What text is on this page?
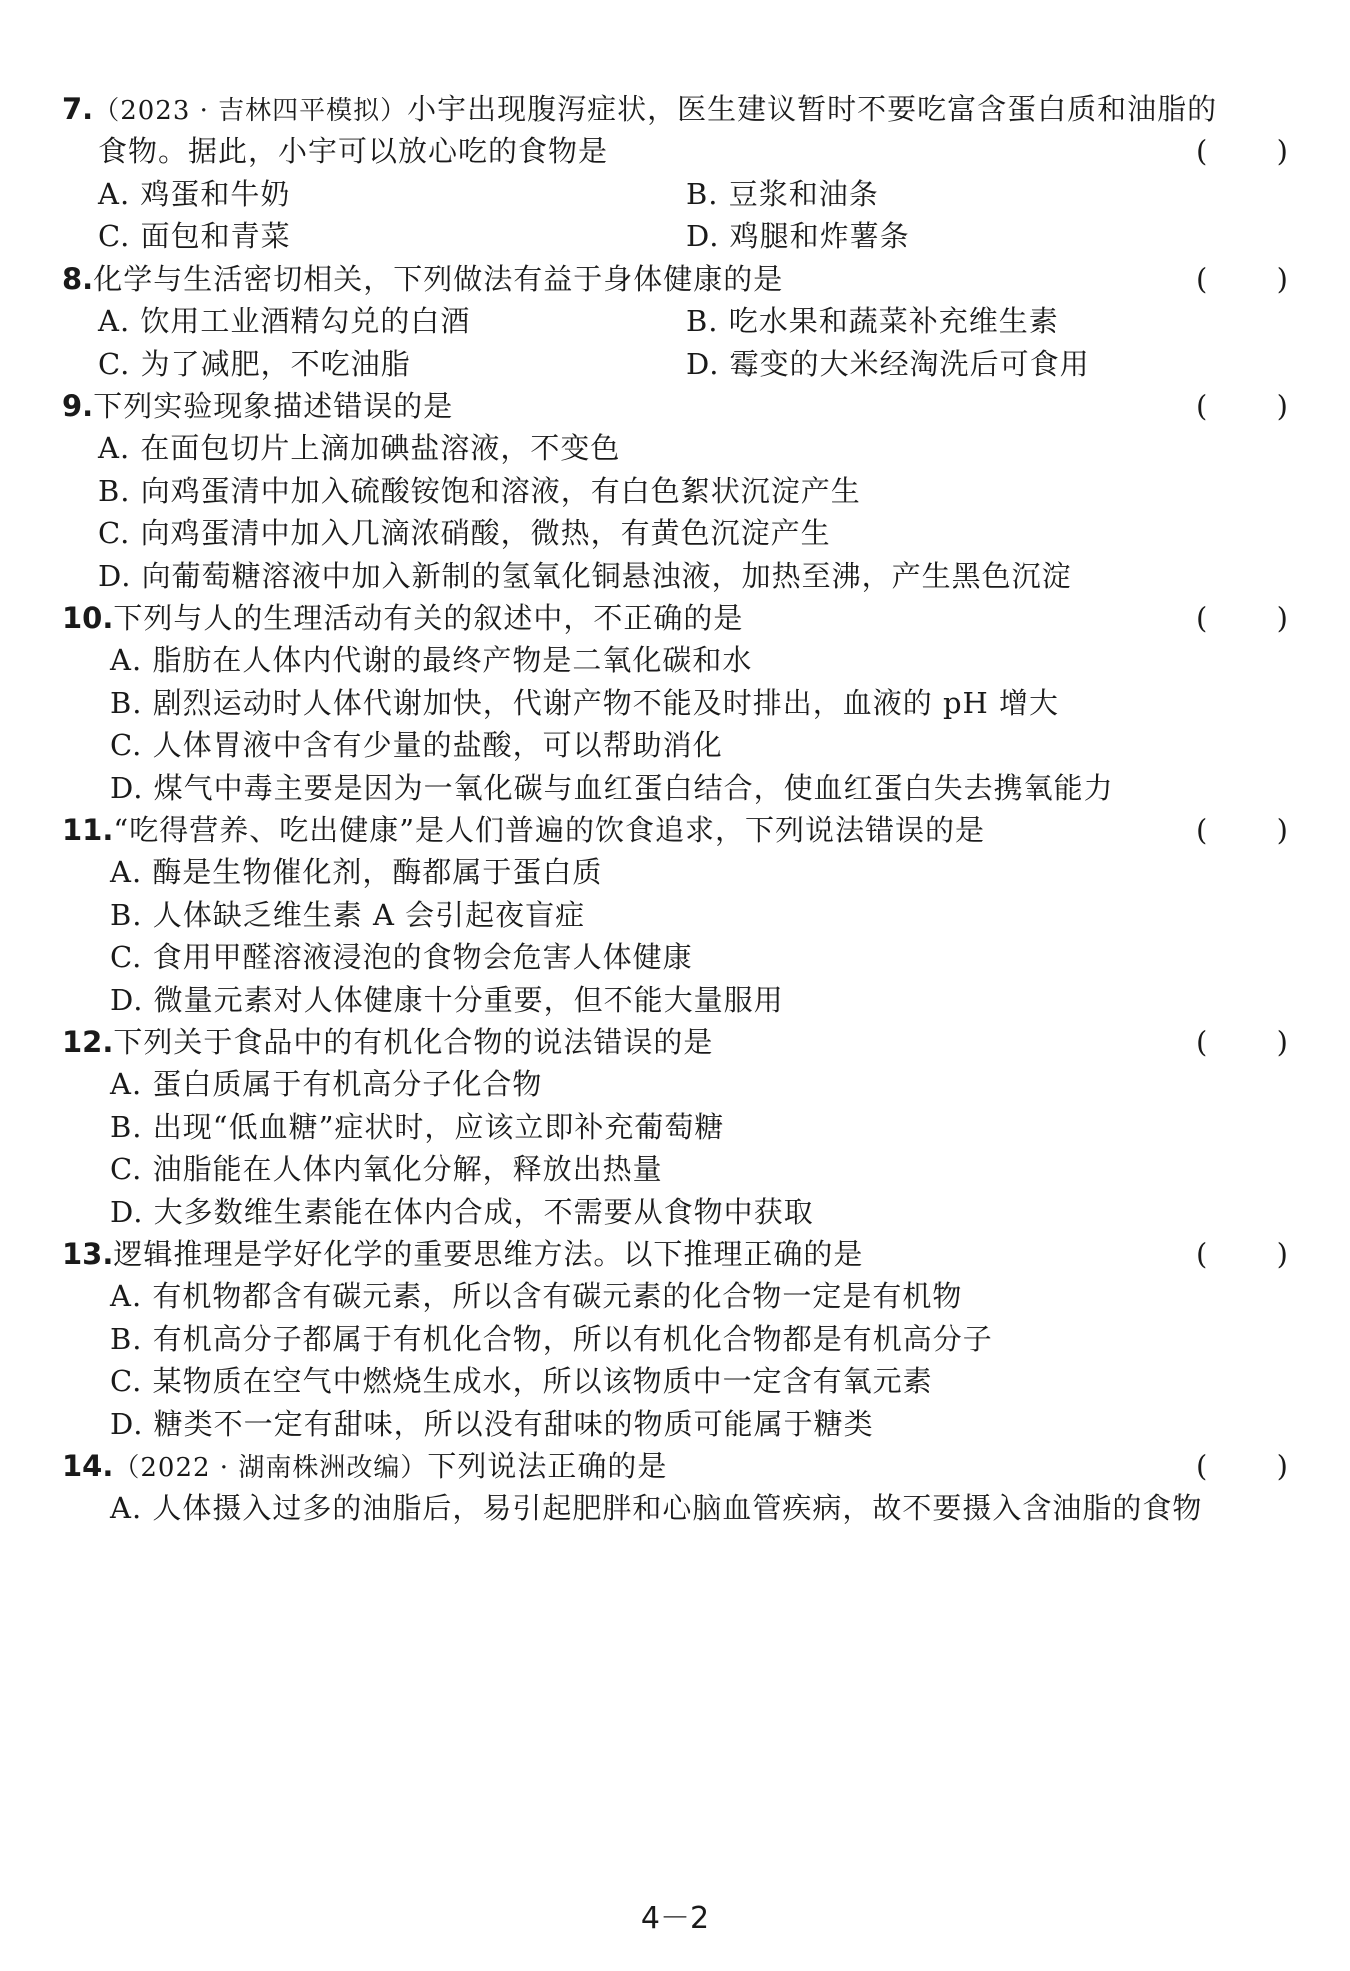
7.（2023 · 吉林四平模拟）小宇出现腹泻症状，医生建议暂时不要吃富含蛋白质和油脂的
食物。据此，小宇可以放心吃的食物是	( )
A. 鸡蛋和牛奶	B. 豆浆和油条
C. 面包和青菜	D. 鸡腿和炸薯条
8.化学与生活密切相关，下列做法有益于身体健康的是	( )
A. 饮用工业酒精勾兑的白酒	B. 吃水果和蔬菜补充维生素
C. 为了减肥，不吃油脂	D. 霉变的大米经淘洗后可食用
9.下列实验现象描述错误的是	( )
A. 在面包切片上滴加碘盐溶液，不变色
B. 向鸡蛋清中加入硫酸铵饱和溶液，有白色絮状沉淀产生
C. 向鸡蛋清中加入几滴浓硝酸，微热，有黄色沉淀产生
D. 向葡萄糖溶液中加入新制的氢氧化铜悬浊液，加热至沸，产生黑色沉淀
10.下列与人的生理活动有关的叙述中，不正确的是	( )
A. 脂肪在人体内代谢的最终产物是二氧化碳和水
B. 剧烈运动时人体代谢加快，代谢产物不能及时排出，血液的 pH 增大
C. 人体胃液中含有少量的盐酸，可以帮助消化
D. 煤气中毒主要是因为一氧化碳与血红蛋白结合，使血红蛋白失去携氧能力
11.“吃得营养、吃出健康”是人们普遍的饮食追求，下列说法错误的是	( )
A. 酶是生物催化剂，酶都属于蛋白质
B. 人体缺乏维生素 A 会引起夜盲症
C. 食用甲醛溶液浸泡的食物会危害人体健康
D. 微量元素对人体健康十分重要，但不能大量服用
12.下列关于食品中的有机化合物的说法错误的是	( )
A. 蛋白质属于有机高分子化合物
B. 出现“低血糖”症状时，应该立即补充葡萄糖
C. 油脂能在人体内氧化分解，释放出热量
D. 大多数维生素能在体内合成，不需要从食物中获取
13.逻辑推理是学好化学的重要思维方法。以下推理正确的是	( )
A. 有机物都含有碳元素，所以含有碳元素的化合物一定是有机物
B. 有机高分子都属于有机化合物，所以有机化合物都是有机高分子
C. 某物质在空气中燃烧生成水，所以该物质中一定含有氧元素
D. 糖类不一定有甜味，所以没有甜味的物质可能属于糖类
14.（2022 · 湖南株洲改编）下列说法正确的是	( )
A. 人体摄入过多的油脂后，易引起肥胖和心脑血管疾病，故不要摄入含油脂的食物
4－2
